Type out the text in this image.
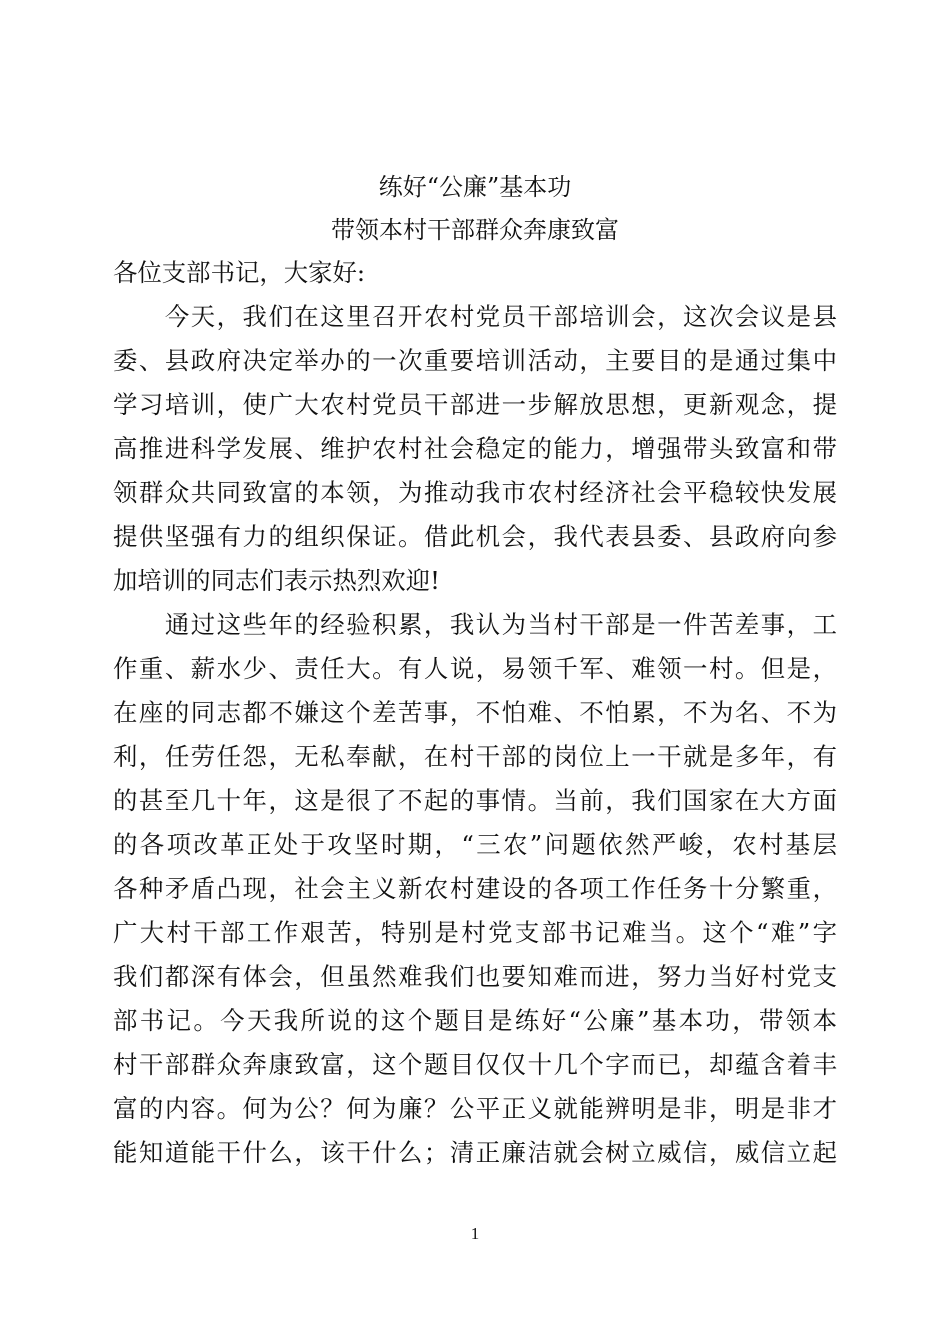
练好“公廉”基本功
带领本村干部群众奔康致富
各位支部书记，大家好:
　　今天，我们在这里召开农村党员干部培训会，这次会议是县
委、县政府决定举办的一次重要培训活动，主要目的是通过集中
学习培训，使广大农村党员干部进一步解放思想，更新观念，提
高推进科学发展、维护农村社会稳定的能力，增强带头致富和带
领群众共同致富的本领，为推动我市农村经济社会平稳较快发展
提供坚强有力的组织保证。借此机会，我代表县委、县政府向参
加培训的同志们表示热烈欢迎!
　　通过这些年的经验积累，我认为当村干部是一件苦差事，工
作重、薪水少、责任大。有人说，易领千军、难领一村。但是，
在座的同志都不嫌这个差苦事，不怕难、不怕累，不为名、不为
利，任劳任怨，无私奉献，在村干部的岗位上一干就是多年，有
的甚至几十年，这是很了不起的事情。当前，我们国家在大方面
的各项改革正处于攻坚时期，“三农”问题依然严峻，农村基层
各种矛盾凸现，社会主义新农村建设的各项工作任务十分繁重，
广大村干部工作艰苦，特别是村党支部书记难当。这个“难”字
我们都深有体会，但虽然难我们也要知难而进，努力当好村党支
部书记。今天我所说的这个题目是练好“公廉”基本功，带领本
村干部群众奔康致富，这个题目仅仅十几个字而已，却蕴含着丰
富的内容。何为公？何为廉？公平正义就能辨明是非，明是非才
能知道能干什么，该干什么；清正廉洁就会树立威信，威信立起
1
